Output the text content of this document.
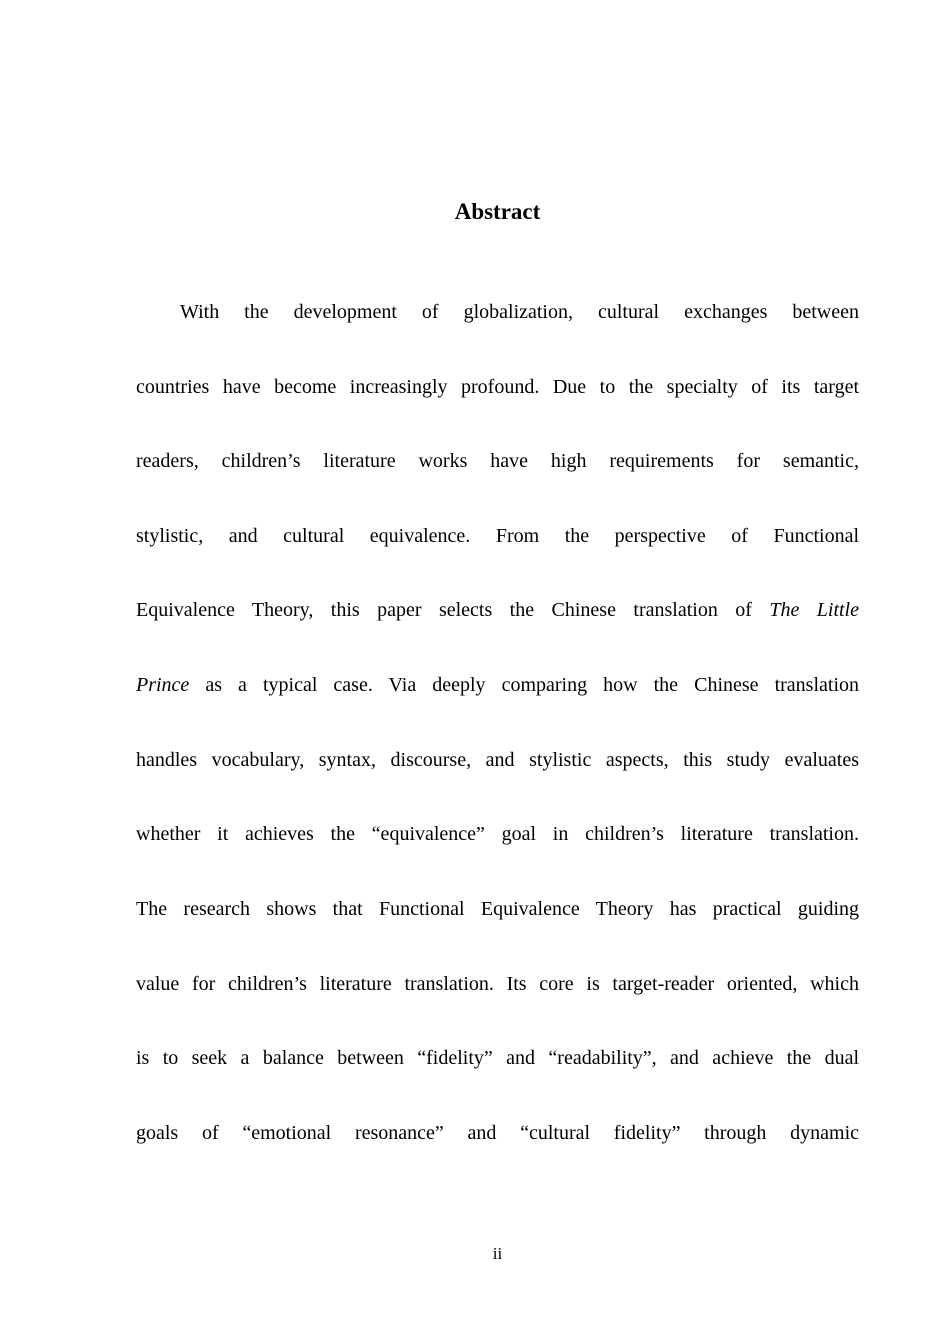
Abstract
With the development of globalization, cultural exchanges between
countries have become increasingly profound. Due to the specialty of its target
readers, children’s literature works have high requirements for semantic,
stylistic, and cultural equivalence. From the perspective of Functional
Equivalence Theory, this paper selects the Chinese translation of The Little
Prince as a typical case. Via deeply comparing how the Chinese translation
handles vocabulary, syntax, discourse, and stylistic aspects, this study evaluates
whether it achieves the “equivalence” goal in children’s literature translation.
The research shows that Functional Equivalence Theory has practical guiding
value for children’s literature translation. Its core is target-reader oriented, which
is to seek a balance between “fidelity” and “readability”, and achieve the dual
goals of “emotional resonance” and “cultural fidelity” through dynamic
ii
